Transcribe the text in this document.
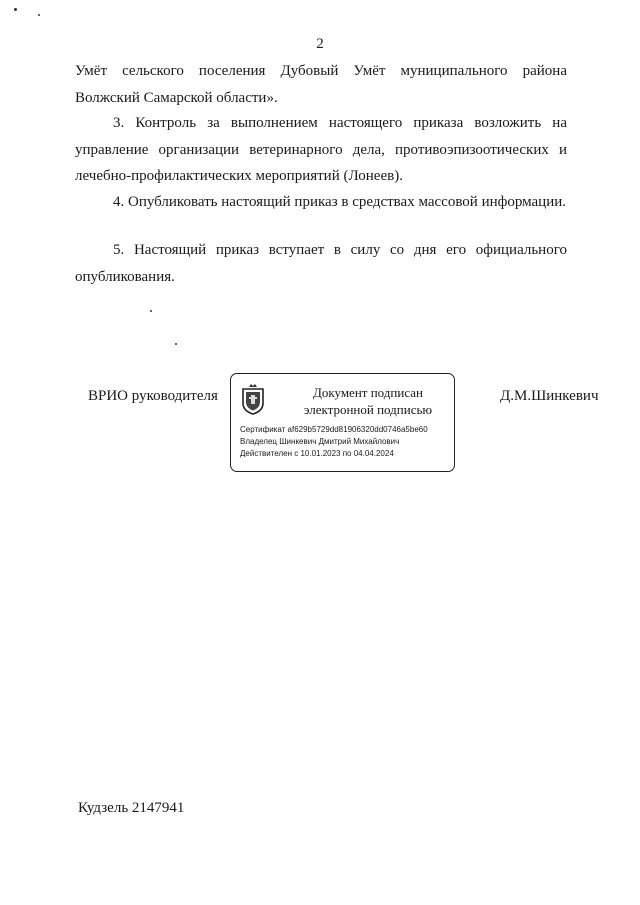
2

Умёт сельского поселения Дубовый Умёт муниципального района Волжский Самарской области».

3. Контроль за выполнением настоящего приказа возложить на управление организации ветеринарного дела, противоэпизоотических и лечебно-профилактических мероприятий (Лонеев).

4. Опубликовать настоящий приказ в средствах массовой информации.

5. Настоящий приказ вступает в силу со дня его официального опубликования.

ВРИО руководителя	Документ подписан
электронной подписью
Сертификат af629b5729dd81906320dd0746a5be60
Владелец Шинкевич Дмитрий Михайлович
Действителен с 10.01.2023 по 04.04.2024
Д.М.Шинкевич
Кудзель 2147941
